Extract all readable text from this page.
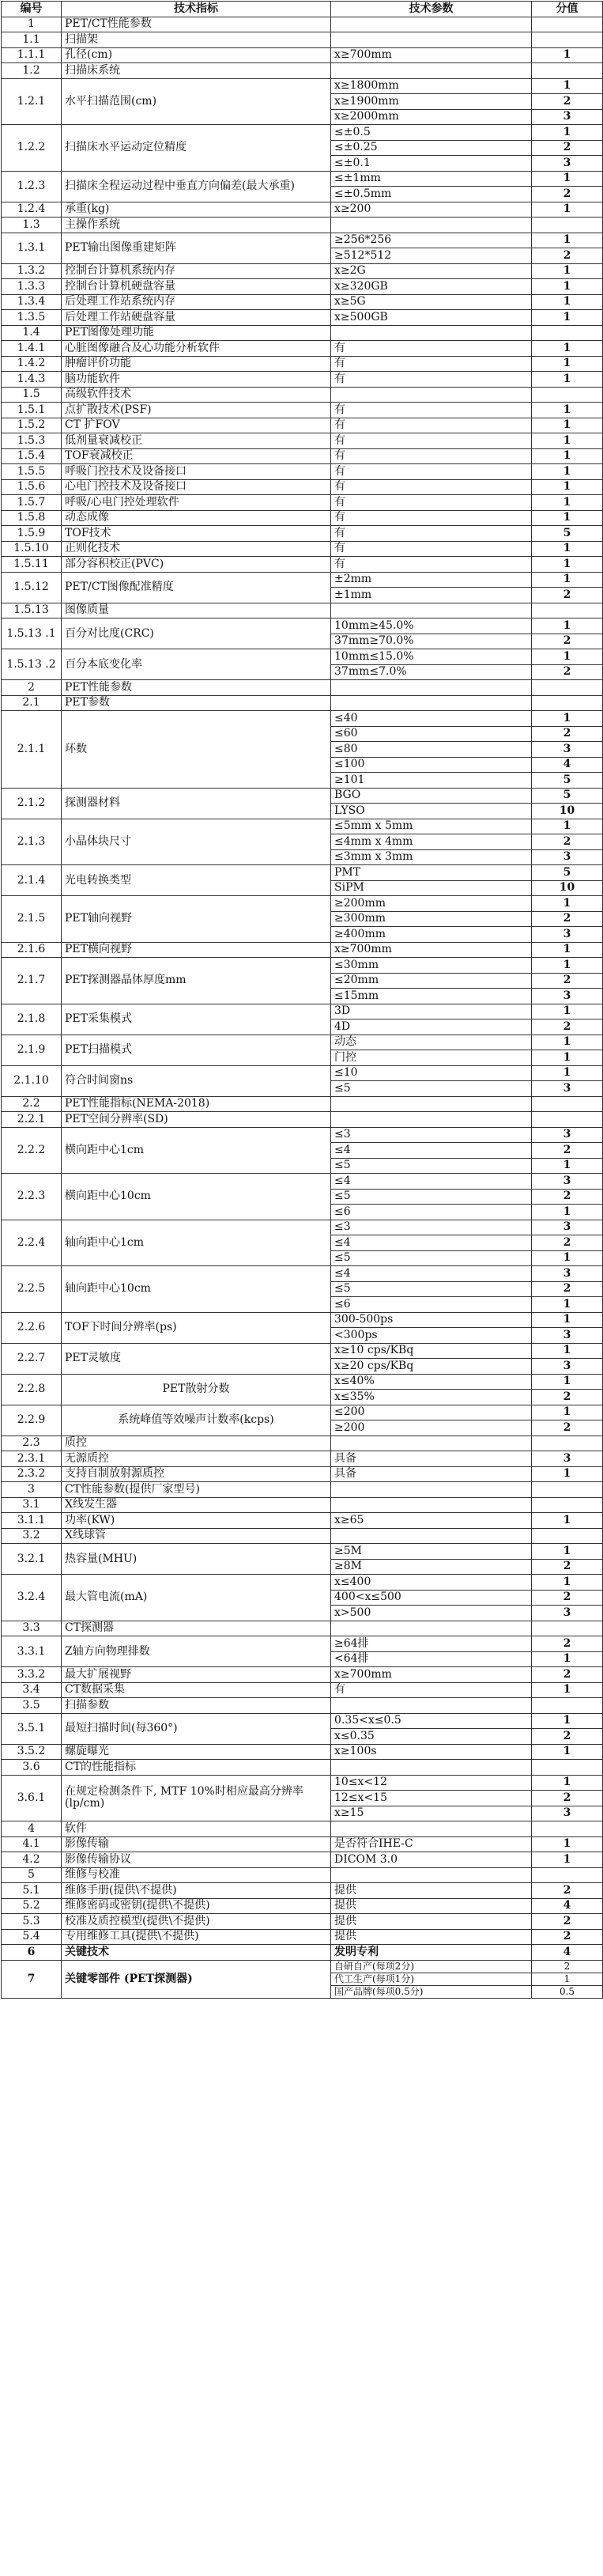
编号	技术指标	技术参数	分值
1	PET/CT性能参数		
1.1	扫描架		
1.1.1	孔径(cm)	x≥700mm	1
1.2	扫描床系统		
1.2.1	水平扫描范围(cm)	x≥1800mm	1
		x≥1900mm	2
		x≥2000mm	3
1.2.2	扫描床水平运动定位精度	≤±0.5	1
		≤±0.25	2
		≤±0.1	3
1.2.3	扫描床全程运动过程中垂直方向偏差(最大承重)	≤±1mm	1
		≤±0.5mm	2
1.2.4	承重(kg)	x≥200	1
1.3	主操作系统		
1.3.1	PET输出图像重建矩阵	≥256*256	1
		≥512*512	2
1.3.2	控制台计算机系统内存	x≥2G	1
1.3.3	控制台计算机硬盘容量	x≥320GB	1
1.3.4	后处理工作站系统内存	x≥5G	1
1.3.5	后处理工作站硬盘容量	x≥500GB	1
1.4	PET图像处理功能		
1.4.1	心脏图像融合及心功能分析软件	有	1
1.4.2	肿瘤评价功能	有	1
1.4.3	脑功能软件	有	1
1.5	高级软件技术		
1.5.1	点扩散技术(PSF)	有	1
1.5.2	CT 扩FOV	有	1
1.5.3	低剂量衰减校正	有	1
1.5.4	TOF衰减校正	有	1
1.5.5	呼吸门控技术及设备接口	有	1
1.5.6	心电门控技术及设备接口	有	1
1.5.7	呼吸/心电门控处理软件	有	1
1.5.8	动态成像	有	1
1.5.9	TOF技术	有	5
1.5.10	正则化技术	有	1
1.5.11	部分容积校正(PVC)	有	1
1.5.12	PET/CT图像配准精度	±2mm	1
		±1mm	2
1.5.13	图像质量		
1.5.13 .1	百分对比度(CRC)	10mm≥45.0%	1
		37mm≥70.0%	2
1.5.13 .2	百分本底变化率	10mm≤15.0%	1
		37mm≤7.0%	2
2	PET性能参数		
2.1	PET参数		
2.1.1	环数	≤40	1
		≤60	2
		≤80	3
		≤100	4
		≥101	5
2.1.2	探测器材料	BGO	5
		LYSO	10
2.1.3	小晶体块尺寸	≤5mm x 5mm	1
		≤4mm x 4mm	2
		≤3mm x 3mm	3
2.1.4	光电转换类型	PMT	5
		SiPM	10
2.1.5	PET轴向视野	≥200mm	1
		≥300mm	2
		≥400mm	3
2.1.6	PET横向视野	x≥700mm	1
2.1.7	PET探测器晶体厚度mm	≤30mm	1
		≤20mm	2
		≤15mm	3
2.1.8	PET采集模式	3D	1
		4D	2
2.1.9	PET扫描模式	动态	1
		门控	1
2.1.10	符合时间窗ns	≤10	1
		≤5	3
2.2	PET性能指标(NEMA-2018)		
2.2.1	PET空间分辨率(SD)		
2.2.2	横向距中心1cm	≤3	3
		≤4	2
		≤5	1
2.2.3	横向距中心10cm	≤4	3
		≤5	2
		≤6	1
2.2.4	轴向距中心1cm	≤3	3
		≤4	2
		≤5	1
2.2.5	轴向距中心10cm	≤4	3
		≤5	2
		≤6	1
2.2.6	TOF下时间分辨率(ps)	300-500ps	1
		<300ps	3
2.2.7	PET灵敏度	x≥10 cps/KBq	1
		x≥20 cps/KBq	3
2.2.8	PET散射分数	x≤40%	1
		x≤35%	2
2.2.9	系统峰值等效噪声计数率(kcps)	≤200	1
		≥200	2
2.3	质控		
2.3.1	无源质控	具备	3
2.3.2	支持自制放射源质控	具备	1
3	CT性能参数(提供厂家型号)		
3.1	X线发生器		
3.1.1	功率(KW)	x≥65	1
3.2	X线球管		
3.2.1	热容量(MHU)	≥5M	1
		≥8M	2
3.2.4	最大管电流(mA)	x≤400	1
		400<x≤500	2
		x>500	3
3.3	CT探测器		
3.3.1	Z轴方向物理排数	≥64排	2
		<64排	1
3.3.2	最大扩展视野	x≥700mm	2
3.4	CT数据采集	有	1
3.5	扫描参数		
3.5.1	最短扫描时间(每360°)	0.35<x≤0.5	1
		x≤0.35	2
3.5.2	螺旋曝光	x≥100s	1
3.6	CT的性能指标		
3.6.1	在规定检测条件下, MTF 10%时相应最高分辨率 (lp/cm)	10≤x<12	1
		12≤x<15	2
		x≥15	3
4	软件		
4.1	影像传输	是否符合IHE-C	1
4.2	影像传输协议	DICOM 3.0	1
5	维修与校准		
5.1	维修手册(提供\不提供)	提供	2
5.2	维修密码或密钥(提供\不提供)	提供	4
5.3	校准及质控模型(提供\不提供)	提供	2
5.4	专用维修工具(提供\不提供)	提供	2
6	关键技术	发明专利	4
7	关键零部件 (PET探测器)	自研自产(每项2分)	2
		代工生产(每项1分)	1
		国产品牌(每项0.5分)	0.5
